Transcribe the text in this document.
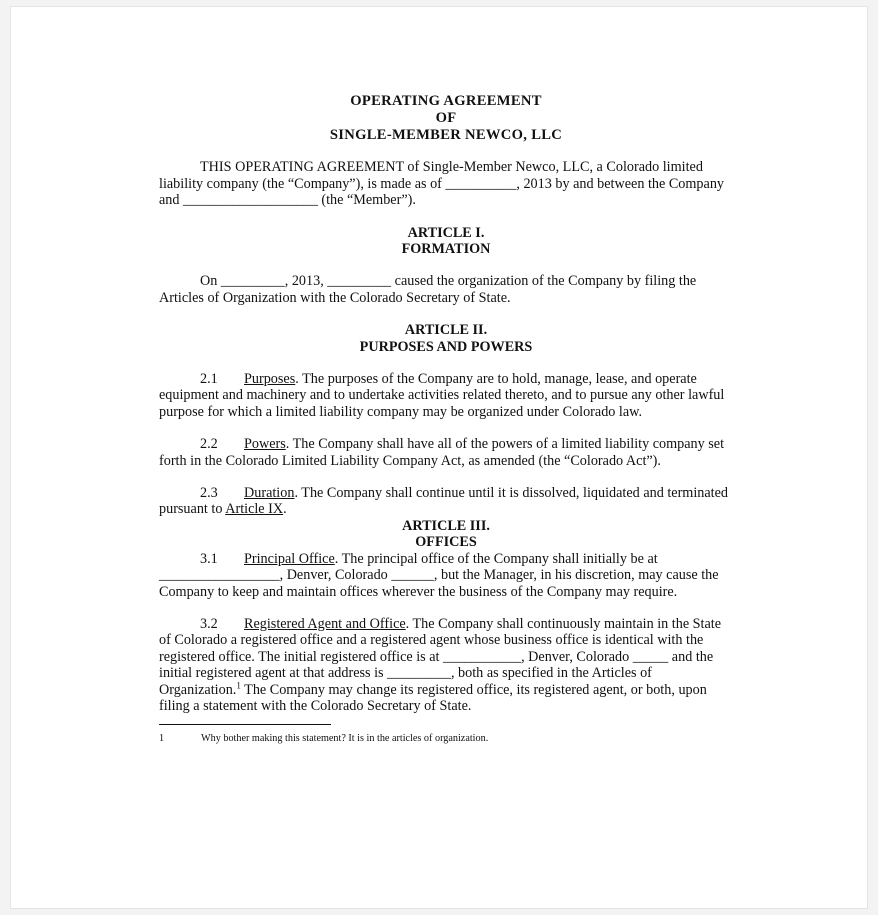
OPERATING AGREEMENT
OF
SINGLE-MEMBER NEWCO, LLC

THIS OPERATING AGREEMENT of Single-Member Newco, LLC, a Colorado limited liability company (the “Company”), is made as of __________, 2013 by and between the Company and ___________________ (the “Member”).

ARTICLE I.
FORMATION

On _________, 2013, _________ caused the organization of the Company by filing the Articles of Organization with the Colorado Secretary of State.

ARTICLE II.
PURPOSES AND POWERS

2.1 Purposes. The purposes of the Company are to hold, manage, lease, and operate equipment and machinery and to undertake activities related thereto, and to pursue any other lawful purpose for which a limited liability company may be organized under Colorado law.

2.2 Powers. The Company shall have all of the powers of a limited liability company set forth in the Colorado Limited Liability Company Act, as amended (the “Colorado Act”).

2.3 Duration. The Company shall continue until it is dissolved, liquidated and terminated pursuant to Article IX.

ARTICLE III.
OFFICES

3.1 Principal Office. The principal office of the Company shall initially be at _________________, Denver, Colorado ______, but the Manager, in his discretion, may cause the Company to keep and maintain offices wherever the business of the Company may require.

3.2 Registered Agent and Office. The Company shall continuously maintain in the State of Colorado a registered office and a registered agent whose business office is identical with the registered office. The initial registered office is at ___________, Denver, Colorado _____ and the initial registered agent at that address is _________, both as specified in the Articles of Organization.$^1$ The Company may change its registered office, its registered agent, or both, upon filing a statement with the Colorado Secretary of State.

1	Why bother making this statement? It is in the articles of organization.
